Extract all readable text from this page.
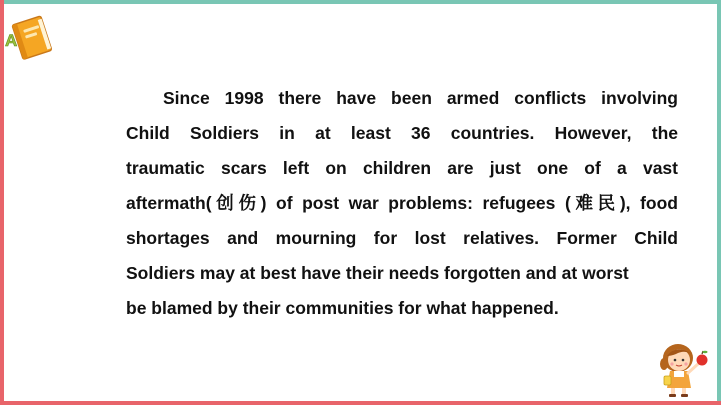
A
Since 1998 there have been armed conflicts involving
Child Soldiers in at least 36 countries. However, the
traumatic scars left on children are just one of a vast
aftermath(创伤) of post war problems: refugees (难民), food
shortages and mourning for lost relatives. Former Child
Soldiers may at best have their needs forgotten and at worst
be blamed by their communities for what happened.
